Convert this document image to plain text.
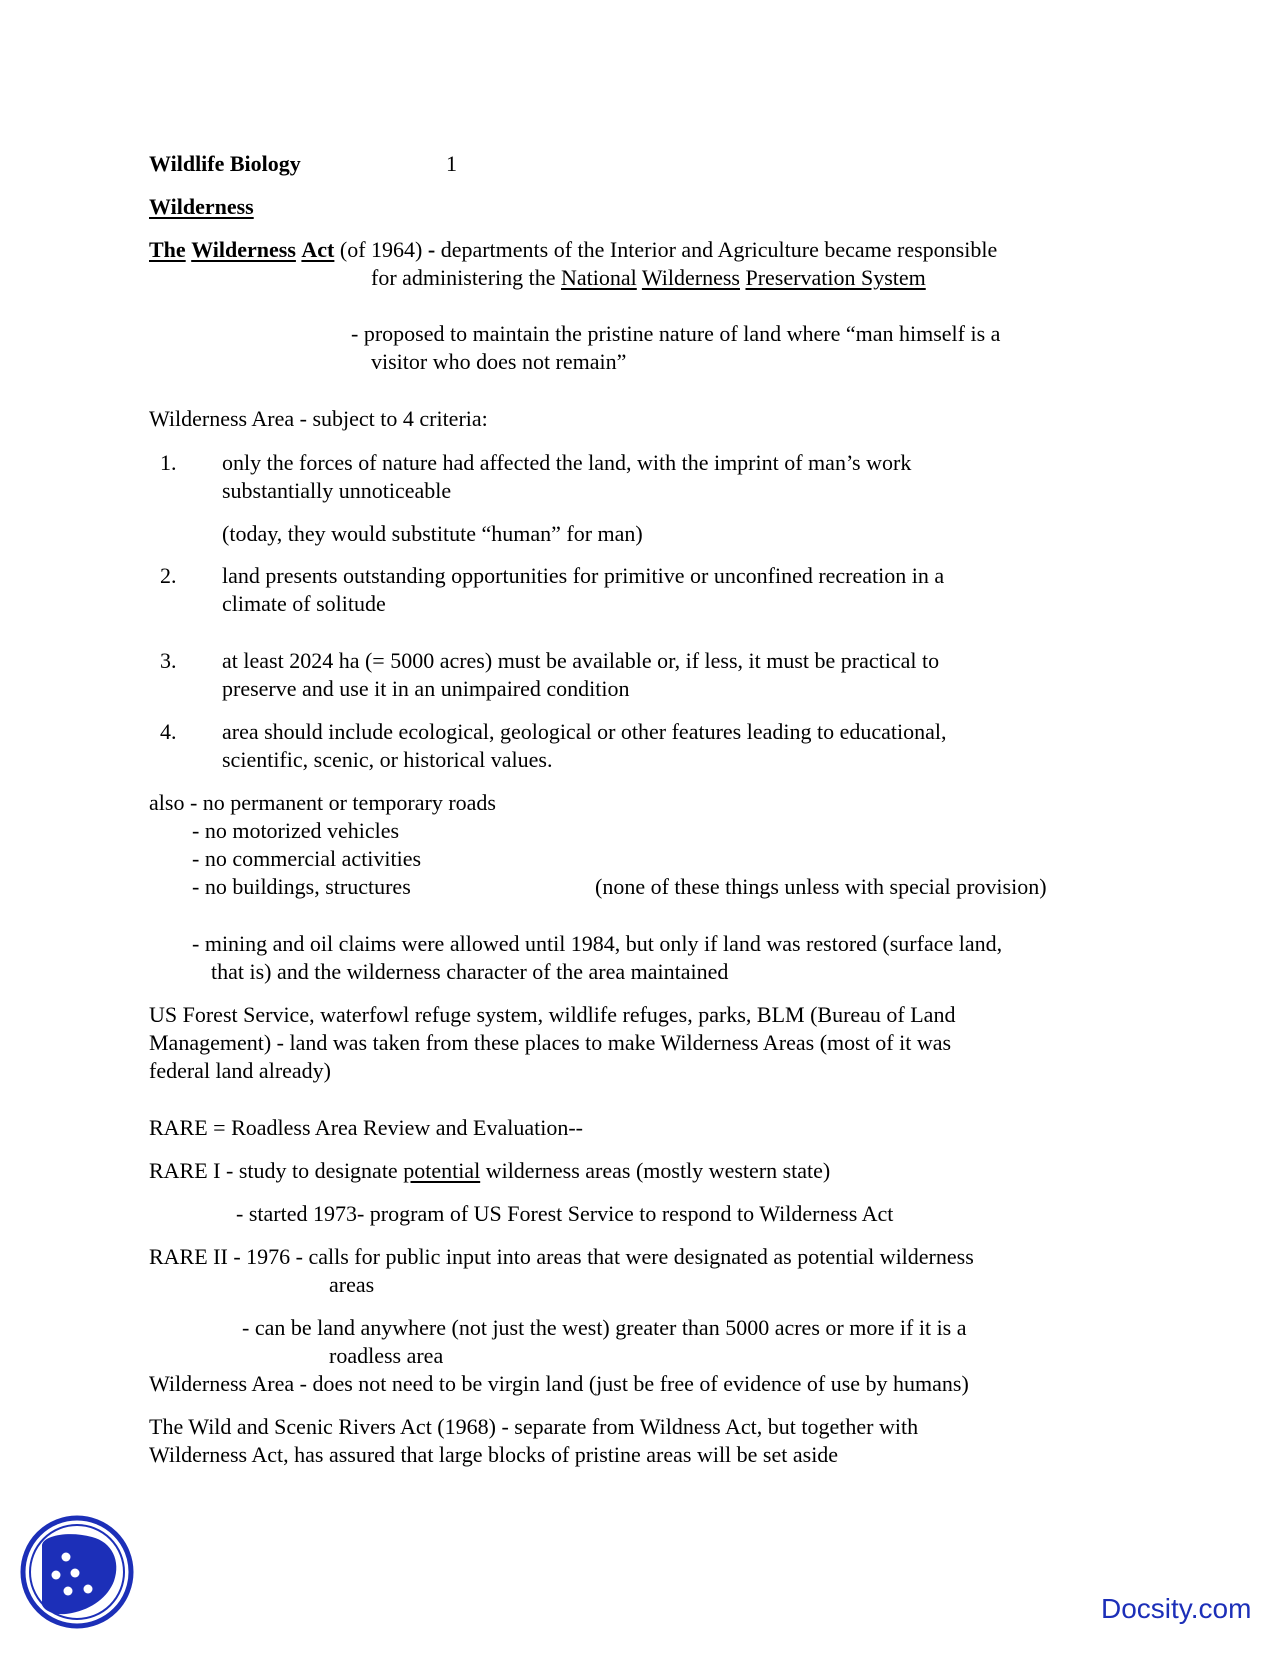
Wildlife Biology	1
Wilderness
The Wilderness Act (of 1964) - departments of the Interior and Agriculture became responsible
for administering the National Wilderness Preservation System
- proposed to maintain the pristine nature of land where “man himself is a
visitor who does not remain”
Wilderness Area - subject to 4 criteria:
1. only the forces of nature had affected the land, with the imprint of man’s work
substantially unnoticeable
(today, they would substitute “human” for man)
2. land presents outstanding opportunities for primitive or unconfined recreation in a
climate of solitude
3. at least 2024 ha (= 5000 acres) must be available or, if less, it must be practical to
preserve and use it in an unimpaired condition
4. area should include ecological, geological or other features leading to educational,
scientific, scenic, or historical values.
also - no permanent or temporary roads
- no motorized vehicles
- no commercial activities
- no buildings, structures	(none of these things unless with special provision)
- mining and oil claims were allowed until 1984, but only if land was restored (surface land,
that is) and the wilderness character of the area maintained
US Forest Service, waterfowl refuge system, wildlife refuges, parks, BLM (Bureau of Land
Management) - land was taken from these places to make Wilderness Areas (most of it was
federal land already)
RARE = Roadless Area Review and Evaluation--
RARE I - study to designate potential wilderness areas (mostly western state)
- started 1973- program of US Forest Service to respond to Wilderness Act
RARE II - 1976 - calls for public input into areas that were designated as potential wilderness
areas
- can be land anywhere (not just the west) greater than 5000 acres or more if it is a
roadless area
Wilderness Area - does not need to be virgin land (just be free of evidence of use by humans)
The Wild and Scenic Rivers Act (1968) - separate from Wildness Act, but together with
Wilderness Act, has assured that large blocks of pristine areas will be set aside
Docsity.com
